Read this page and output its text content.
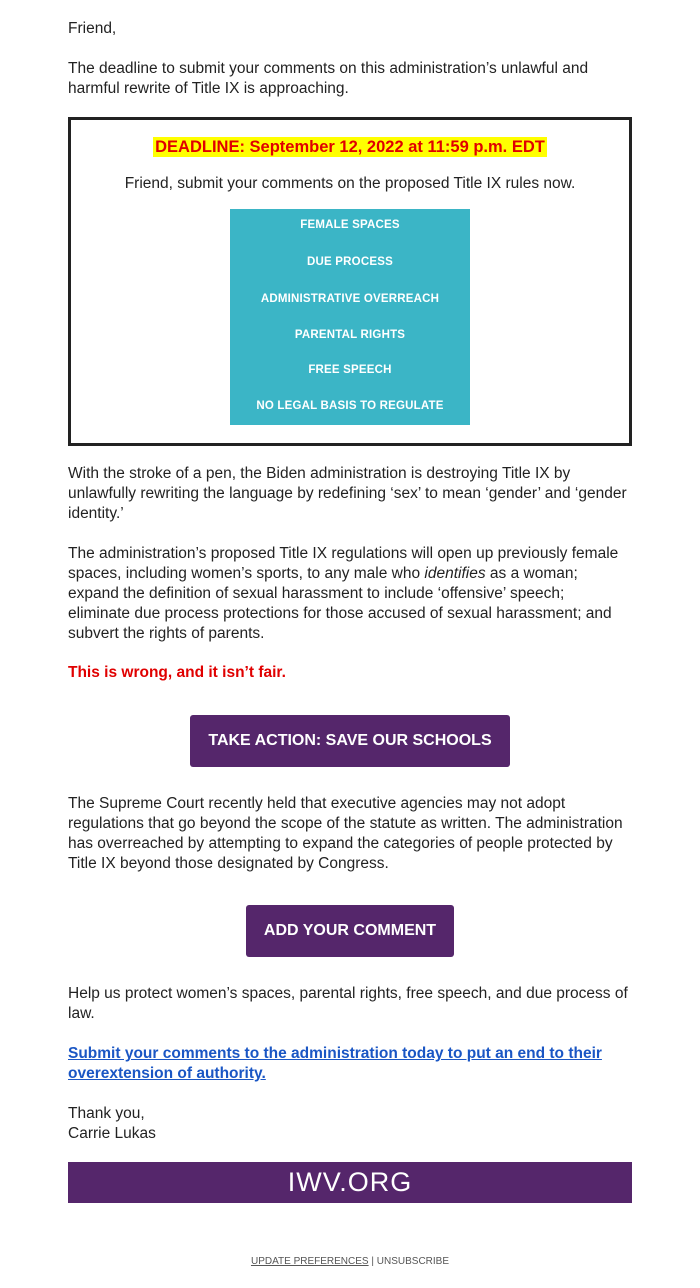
Friend,

The deadline to submit your comments on this administration’s unlawful and harmful rewrite of Title IX is approaching.

DEADLINE: September 12, 2022 at 11:59 p.m. EDT
Friend, submit your comments on the proposed Title IX rules now.
FEMALE SPACES
DUE PROCESS
ADMINISTRATIVE OVERREACH
PARENTAL RIGHTS
FREE SPEECH
NO LEGAL BASIS TO REGULATE

With the stroke of a pen, the Biden administration is destroying Title IX by unlawfully rewriting the language by redefining ‘sex’ to mean ‘gender’ and ‘gender identity.’

The administration’s proposed Title IX regulations will open up previously female spaces, including women’s sports, to any male who identifies as a woman; expand the definition of sexual harassment to include ‘offensive’ speech; eliminate due process protections for those accused of sexual harassment; and subvert the rights of parents.

This is wrong, and it isn’t fair.
TAKE ACTION: SAVE OUR SCHOOLS

The Supreme Court recently held that executive agencies may not adopt regulations that go beyond the scope of the statute as written. The administration has overreached by attempting to expand the categories of people protected by Title IX beyond those designated by Congress.

ADD YOUR COMMENT

Help us protect women’s spaces, parental rights, free speech, and due process of law.

Submit your comments to the administration today to put an end to their overextension of authority.

Thank you,

Carrie Lukas

IWV.ORG
UPDATE PREFERENCES | UNSUBSCRIBE
